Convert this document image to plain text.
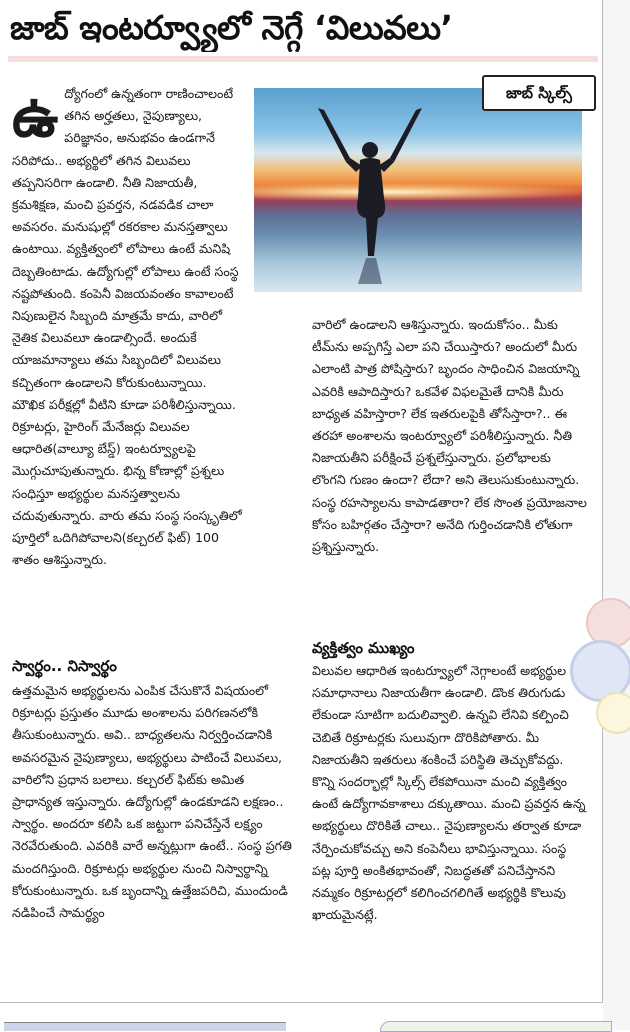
జాబ్ ఇంటర్వ్యూలో నెగ్గే ‘విలువలు’
జాబ్ స్కిల్స్
ఉ ద్యోగంలో ఉన్నతంగా రాణించాలంటే తగిన అర్హతలు, నైపుణ్యాలు, పరిజ్ఞానం, అనుభవం ఉండగానే సరిపోదు.. అభ్యర్థిలో తగిన విలువలు తప్పనిసరిగా ఉండాలి. నీతి నిజాయతీ, క్రమశిక్షణ, మంచి ప్రవర్తన, నడవడిక చాలా అవసరం. మనుషుల్లో రకరకాల మనస్తత్వాలు ఉంటాయి. వ్యక్తిత్వంలో లోపాలు ఉంటే మనిషి దెబ్బతింటాడు. ఉద్యోగుల్లో లోపాలు ఉంటే సంస్థ నష్టపోతుంది. కంపెనీ విజయవంతం కావాలంటే నిపుణులైన సిబ్బంది మాత్రమే కాదు, వారిలో నైతిక విలువలూ ఉండాల్సిందే. అందుకే యాజమాన్యాలు తమ సిబ్బందిలో విలువలు కచ్చితంగా ఉండాలని కోరుకుంటున్నాయి. మౌఖిక పరీక్షల్లో వీటిని కూడా పరిశీలిస్తున్నాయి. రిక్రూటర్లు, హైరింగ్ మేనేజర్లు విలువల ఆధారిత(వాల్యూ బేస్డ్) ఇంటర్వ్యూలపై మొగ్గుచూపుతున్నారు. భిన్న కోణాల్లో ప్రశ్నలు సంధిస్తూ అభ్యర్థుల మనస్తత్వాలను చదువుతున్నారు. వారు తమ సంస్థ సంస్కృతిలో పూర్తిలో ఒదిగిపోవాలని(కల్చరల్ ఫిట్) 100 శాతం ఆశిస్తున్నారు.

స్వార్థం.. నిస్వార్థం

ఉత్తమమైన అభ్యర్థులను ఎంపిక చేసుకొనే విషయంలో రిక్రూటర్లు ప్రస్తుతం మూడు అంశాలను పరిగణనలోకి తీసుకుంటున్నారు. అవి.. బాధ్యతలను నిర్వర్తించడానికి అవసరమైన నైపుణ్యాలు, అభ్యర్థులు పాటించే విలువలు, వారిలోని ప్రధాన బలాలు. కల్చరల్ ఫిట్‌కు అమిత ప్రాధాన్యత ఇస్తున్నారు. ఉద్యోగుల్లో ఉండకూడని లక్షణం.. స్వార్థం. అందరూ కలిసి ఒక జట్టుగా పనిచేస్తేనే లక్ష్యం నెరవేరుతుంది. ఎవరికి వారే అన్నట్లుగా ఉంటే.. సంస్థ ప్రగతి మందగిస్తుంది. రిక్రూటర్లు అభ్యర్థుల నుంచి నిస్వార్థాన్ని కోరుకుంటున్నారు. ఒక బృందాన్ని ఉత్తేజపరిచి, ముందుండి నడిపించే సామర్థ్యం

వారిలో ఉండాలని ఆశిస్తున్నారు. ఇందుకోసం.. మీకు టీమ్‌ను అప్పగిస్తే ఎలా పని చేయిస్తారు? అందులో మీరు ఎలాంటి పాత్ర పోషిస్తారు? బృందం సాధించిన విజయాన్ని ఎవరికి ఆపాదిస్తారు? ఒకవేళ విఫలమైతే దానికి మీరు బాధ్యత వహిస్తారా? లేక ఇతరులపైకి తోసేస్తారా?.. ఈ తరహా అంశాలను ఇంటర్వ్యూలో పరిశీలిస్తున్నారు. నీతి నిజాయతీని పరీక్షించే ప్రశ్నలేస్తున్నారు. ప్రలోభాలకు లొంగని గుణం ఉందా? లేదా? అని తెలుసుకుంటున్నారు. సంస్థ రహస్యాలను కాపాడతారా? లేక సొంత ప్రయోజనాల కోసం బహిర్గతం చేస్తారా? అనేది గుర్తించడానికి లోతుగా ప్రశ్నిస్తున్నారు.

వ్యక్తిత్వం ముఖ్యం

విలువల ఆధారిత ఇంటర్వ్యూలో నెగ్గాలంటే అభ్యర్థుల సమాధానాలు నిజాయతీగా ఉండాలి. డొంక తిరుగుడు లేకుండా సూటిగా బదులివ్వాలి. ఉన్నవి లేనివి కల్పించి చెబితే రిక్రూటర్లకు సులువుగా దొరికిపోతారు. మీ నిజాయతీని ఇతరులు శంకించే పరిస్థితి తెచ్చుకోవద్దు. కొన్ని సందర్భాల్లో స్కిల్స్ లేకపోయినా మంచి వ్యక్తిత్వం ఉంటే ఉద్యోగావకాశాలు దక్కుతాయి. మంచి ప్రవర్తన ఉన్న అభ్యర్థులు దొరికితే చాలు.. నైపుణ్యాలను తర్వాత కూడా నేర్పించుకోవచ్చు అని కంపెనీలు భావిస్తున్నాయి. సంస్థ పట్ల పూర్తి అంకితభావంతో, నిబద్ధతతో పనిచేస్తానని నమ్మకం రిక్రూటర్లలో కలిగించగలిగితే అభ్యర్థికి కొలువు ఖాయమైనట్లే.
